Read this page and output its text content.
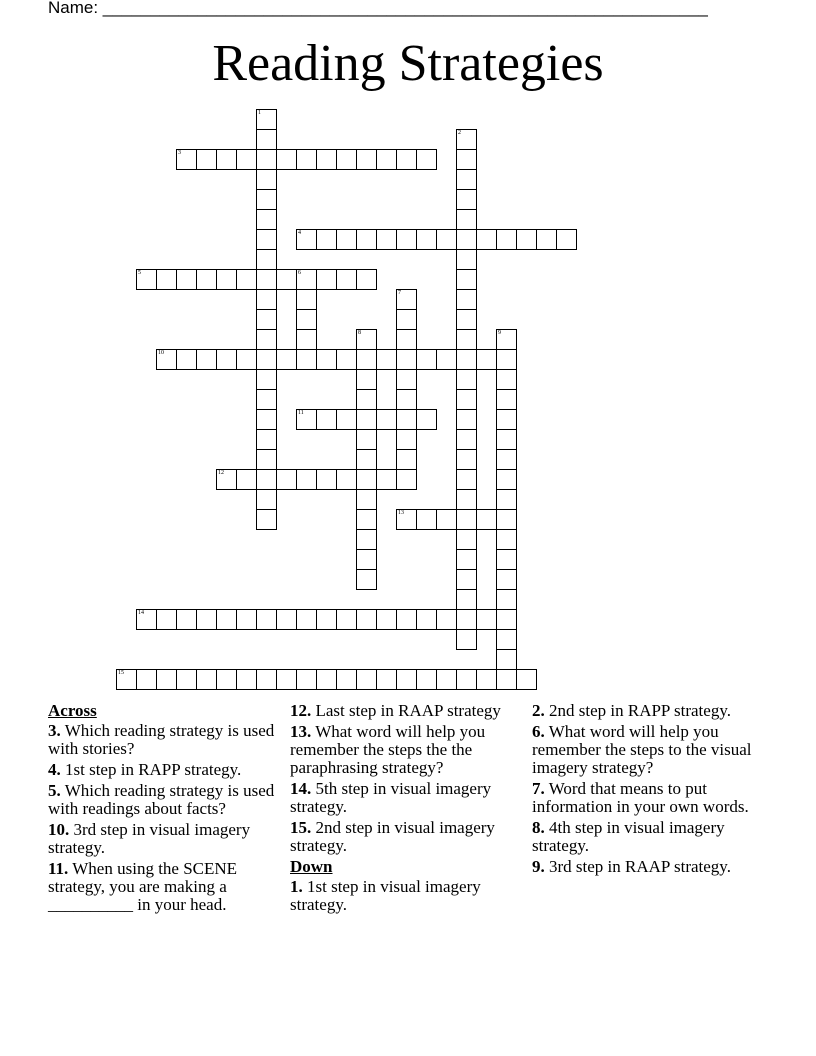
Name: ________________________________________________________________
Reading Strategies
1
2
3
4
5	6
7
8	9
10
11
12
13
14
15
Across
3. Which reading strategy is used with stories?
4. 1st step in RAPP strategy.
5. Which reading strategy is used with readings about facts?
10. 3rd step in visual imagery strategy.
11. When using the SCENE strategy, you are making a __________ in your head.
12. Last step in RAAP strategy
13. What word will help you remember the steps the the paraphrasing strategy?
14. 5th step in visual imagery strategy.
15. 2nd step in visual imagery strategy.
Down
1. 1st step in visual imagery strategy.
2. 2nd step in RAPP strategy.
6. What word will help you remember the steps to the visual imagery strategy?
7. Word that means to put information in your own words.
8. 4th step in visual imagery strategy.
9. 3rd step in RAAP strategy.
